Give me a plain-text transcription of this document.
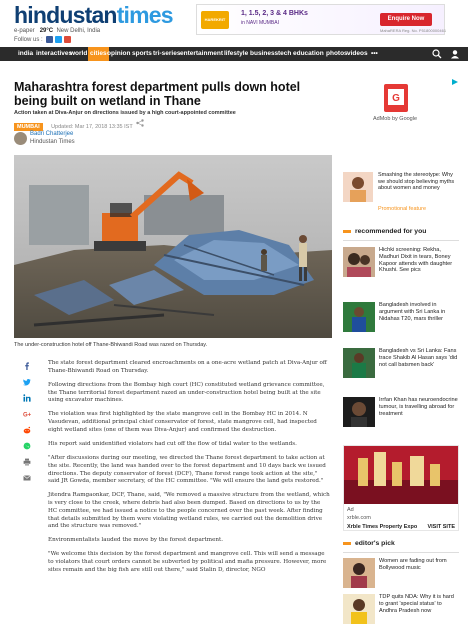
hindustantimes
e-paper 29°C New Delhi, India
Follow us :
HAREKRIT HEIGHTS
1, 1.5, 2, 3 & 4 BHKs
in NAVI MUMBAI
Enquire Now
MahaRERA Reg. No. P51800000461
india interactives
world cities opinion sports tri-series entertainment lifestyle business tech education photos videos •••
Maharashtra forest department pulls down hotel being built on wetland in Thane
Action taken at Diva-Anjur on directions issued by a high court-appointed committee
MUMBAI Updated: Mar 17, 2018 13:35 IST
Badri Chatterjee
Hindustan Times
The under-construction hotel off Thane-Bhiwandi Road was razed on Thursday.
G+

The state forest department cleared encroachments on a one-acre wetland patch at Diva-Anjur off Thane-Bhiwandi Road on Thursday.

Following directions from the Bombay high court (HC) constituted wetland grievance committee, the Thane territorial forest department razed an under-construction hotel being built at the site using excavator machines.

The violation was first highlighted by the state mangrove cell in the Bombay HC in 2014. N Vasudevan, additional principal chief conservator of forest, state mangrove cell, had inspected eight wetland sites (one of them was Diva-Anjur) and confirmed the destruction.

His report said unidentified violators had cut off the flow of tidal water to the wetlands.

"After discussions during our meeting, we directed the Thane forest department to take action at the site. Recently, the land was handed over to the forest department and 10 days back we issued directions. The deputy conservator of forest (DCF), Thane forest range took action at the site," said JR Gowda, member secretary, of the HC committee. "We will ensure the land gets restored."

Jitendra Ramgaonkar, DCF, Thane, said, "We removed a massive structure from the wetland, which is very close to the creek, where debris had also been dumped. Based on directions to us by the HC committee, we had issued a notice to the people concerned over the past week. After finding that details submitted by them were violating wetland rules, we carried out the demolition drive and the structure was removed."

Environmentalists lauded the move by the forest department.

"We welcome this decision by the forest department and mangrove cell. This will send a message to violators that court orders cannot be subverted by political and mafia pressure. However, more sites remain and the big fish are still out there," said Stalin D, director, NGO

G
AdMob by Google
Smashing the stereotype: Why we should stop believing myths about women and money
Promotional feature
recommended for you
Hichki screening: Rekha, Madhuri Dixit in tears, Boney Kapoor attends with daughter Khushi. See pics
Bangladesh involved in argument with Sri Lanka in Nidahas T20, mars thriller
Bangladesh vs Sri Lanka: Fans trace Shakib Al Hasan says 'did not call batsmen back'
Irrfan Khan has neuroendocrine tumour, is travelling abroad for treatment
Ad
xrble.com
Xrble Times Property Expo VISIT SITE
editor's pick
Women are fading out from Bollywood music
TDP quits NDA: Why it is hard to grant 'special status' to Andhra Pradesh now
